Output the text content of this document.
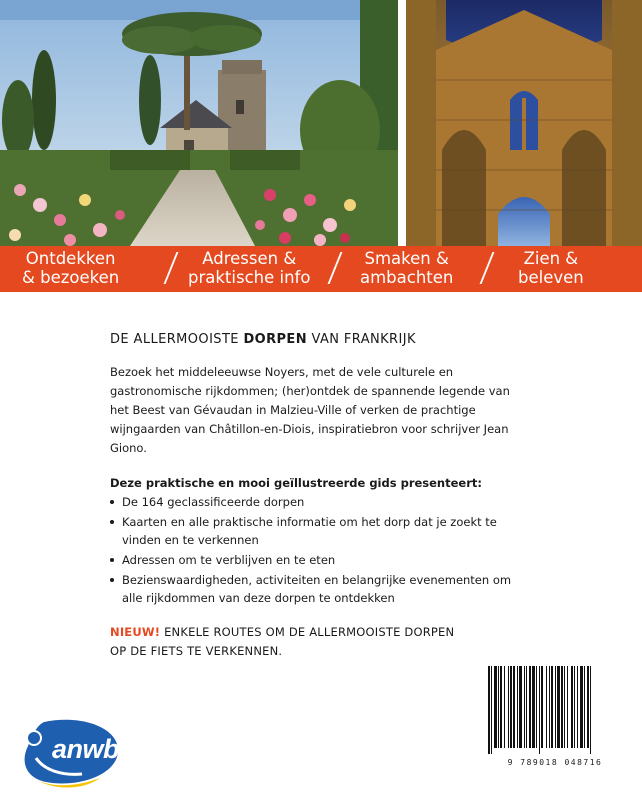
Ontdekken
& bezoeken
Adressen &
praktische info
Smaken &
ambachten
Zien &
beleven
DE ALLERMOOISTE DORPEN VAN FRANKRIJK

Bezoek het middeleeuwse Noyers, met de vele culturele en gastronomische rijkdommen; (her)ontdek de spannende legende van het Beest van Gévaudan in Malzieu-Ville of verken de prachtige wijngaarden van Châtillon-en-Diois, inspiratiebron voor schrijver Jean Giono.

Deze praktische en mooi geïllustreerde gids presenteert:

De 164 geclassificeerde dorpen
Kaarten en alle praktische informatie om het dorp dat je zoekt te vinden en te verkennen
Adressen om te verblijven en te eten
Bezienswaardigheden, activiteiten en belangrijke evenementen om alle rijkdommen van deze dorpen te ontdekken
NIEUW! ENKELE ROUTES OM DE ALLERMOOISTE DORPEN OP DE FIETS TE VERKENNEN.
9 789018 048716
anwb
